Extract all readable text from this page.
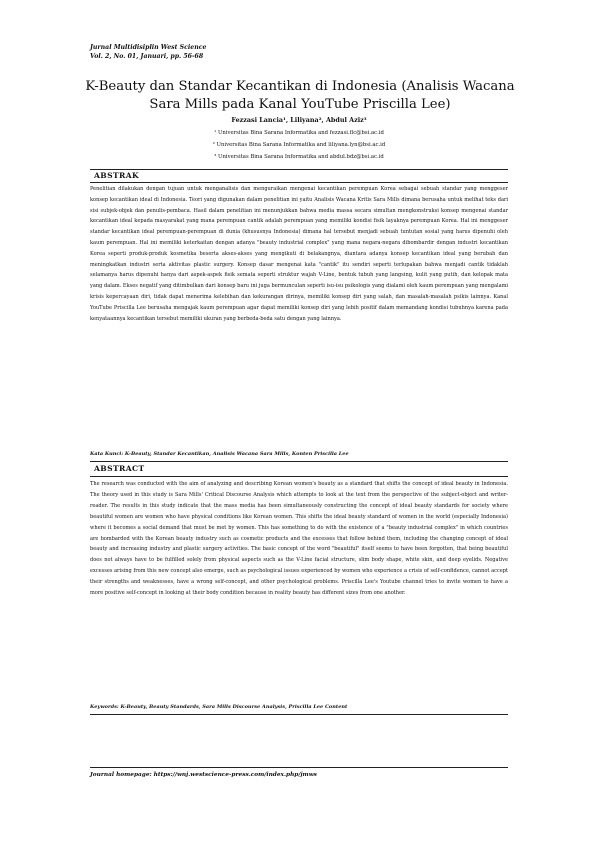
Jurnal Multidisiplin West Science
Vol. 2, No. 01, Januari, pp. 56-68
K-Beauty dan Standar Kecantikan di Indonesia (Analisis Wacana
Sara Mills pada Kanal YouTube Priscilla Lee)
Fezzasi Lancia¹, Liliyana², Abdul Aziz³
¹ Universitas Bina Sarana Informatika and fezzasi.flc@bsi.ac.id
² Universitas Bina Sarana Informatika and liliyana.lyn@bsi.ac.id
³ Universitas Bina Sarana Informatika and abdul.bdz@bsi.ac.id
ABSTRAK

Penelitian dilakukan dengan tujuan untuk menganalisis dan menguraikan mengenai kecantikan perempuan Korea sebagai sebuah standar yang menggeser konsep kecantikan ideal di Indonesia. Teori yang digunakan dalam penelitian ini yaitu Analisis Wacana Kritis Sara Mills dimana berusaha untuk melihat teks dari sisi subjek-objek dan penulis-pembaca. Hasil dalam penelitian ini menunjukkan bahwa media massa secara simultan mengkonstruksi konsep mengenai standar kecantikan ideal kepada masyarakat yang mana perempuan cantik adalah perempuan yang memiliki kondisi fisik layaknya perempuan Korea. Hal ini menggeser standar kecantikan ideal perempuan-perempuan di dunia (khususnya Indonesia) dimana hal tersebut menjadi sebuah tuntutan sosial yang harus dipenuhi oleh kaum perempuan. Hal ini memiliki keterkaitan dengan adanya "beauty industrial complex" yang mana negara-negara dibombardir dengan industri kecantikan Korea seperti produk-produk kosmetika beserta akses-akses yang mengikuti di belakangnya, diantara adanya konsep kecantikan ideal yang berubah dan meningkatkan industri serta aktivitas plastic surgery. Konsep dasar mengenai kata "cantik" itu sendiri seperti terlupakan bahwa menjadi cantik tidaklah selamanya harus dipenuhi hanya dari aspek-aspek fisik semata seperti struktur wajah V-Line, bentuk tubuh yang langsing, kulit yang putih, dan kelopak mata yang dalam. Ekses negatif yang ditimbulkan dari konsep baru ini juga bermunculan seperti isu-isu psikologis yang dialami oleh kaum perempuan yang mengalami krisis kepercayaan diri, tidak dapat menerima kelebihan dan kekurangan dirinya, memiliki konsep diri yang salah, dan masalah-masalah psikis lainnya. Kanal YouTube Priscilla Lee berusaha mengajak kaum perempuan agar dapat memiliki konsep diri yang lebih positif dalam memandang kondisi tubuhnya karena pada kenyataannya kecantikan tersebut memiliki ukuran yang berbeda-beda satu dengan yang lainnya.

Kata Kunci: K-Beauty, Standar Kecantikan, Analisis Wacana Sara Mills, Konten Priscilla Lee
ABSTRACT

The research was conducted with the aim of analyzing and describing Korean women's beauty as a standard that shifts the concept of ideal beauty in Indonesia. The theory used in this study is Sara Mills' Critical Discourse Analysis which attempts to look at the text from the perspective of the subject-object and writer-reader. The results in this study indicate that the mass media has been simultaneously constructing the concept of ideal beauty standards for society where beautiful women are women who have physical conditions like Korean women. This shifts the ideal beauty standard of women in the world (especially Indonesia) where it becomes a social demand that must be met by women. This has something to do with the existence of a "beauty industrial complex" in which countries are bombarded with the Korean beauty industry such as cosmetic products and the excesses that follow behind them, including the changing concept of ideal beauty and increasing industry and plastic surgery activities. The basic concept of the word "beautiful" itself seems to have been forgotten, that being beautiful does not always have to be fulfilled solely from physical aspects such as the V-Line facial structure, slim body shape, white skin, and deep eyelids. Negative excesses arising from this new concept also emerge, such as psychological issues experienced by women who experience a crisis of self-confidence, cannot accept their strengths and weaknesses, have a wrong self-concept, and other psychological problems. Priscilla Lee's Youtube channel tries to invite women to have a more positive self-concept in looking at their body condition because in reality beauty has different sizes from one another.

Keywords: K-Beauty, Beauty Standards, Sara Mills Discourse Analysis, Priscilla Lee Content
Journal homepage: https://wnj.westscience-press.com/index.php/jmws
